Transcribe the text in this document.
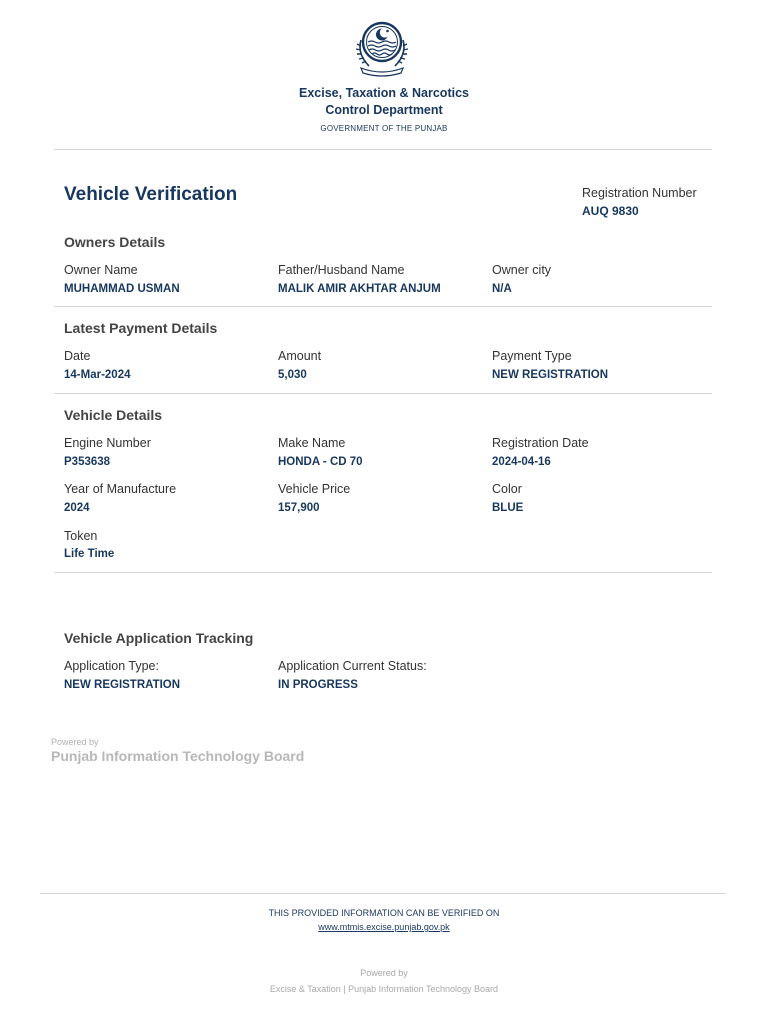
Excise, Taxation & Narcotics
Control Department
GOVERNMENT OF THE PUNJAB
Vehicle Verification	Registration Number
AUQ 9830
Owners Details
Owner Name
MUHAMMAD USMAN
Father/Husband Name
MALIK AMIR AKHTAR ANJUM
Owner city
N/A
Latest Payment Details
Date
14-Mar-2024
Amount
5,030
Payment Type
NEW REGISTRATION
Vehicle Details
Engine Number
P353638
Make Name
HONDA - CD 70
Registration Date
2024-04-16
Year of Manufacture
2024
Vehicle Price
157,900
Color
BLUE
Token
Life Time
Vehicle Application Tracking
Application Type:
NEW REGISTRATION
Application Current Status:
IN PROGRESS
Powered by
Punjab Information Technology Board
THIS PROVIDED INFORMATION CAN BE VERIFIED ON
www.mtmis.excise.punjab.gov.pk
Powered by
Excise & Taxation | Punjab Information Technology Board
